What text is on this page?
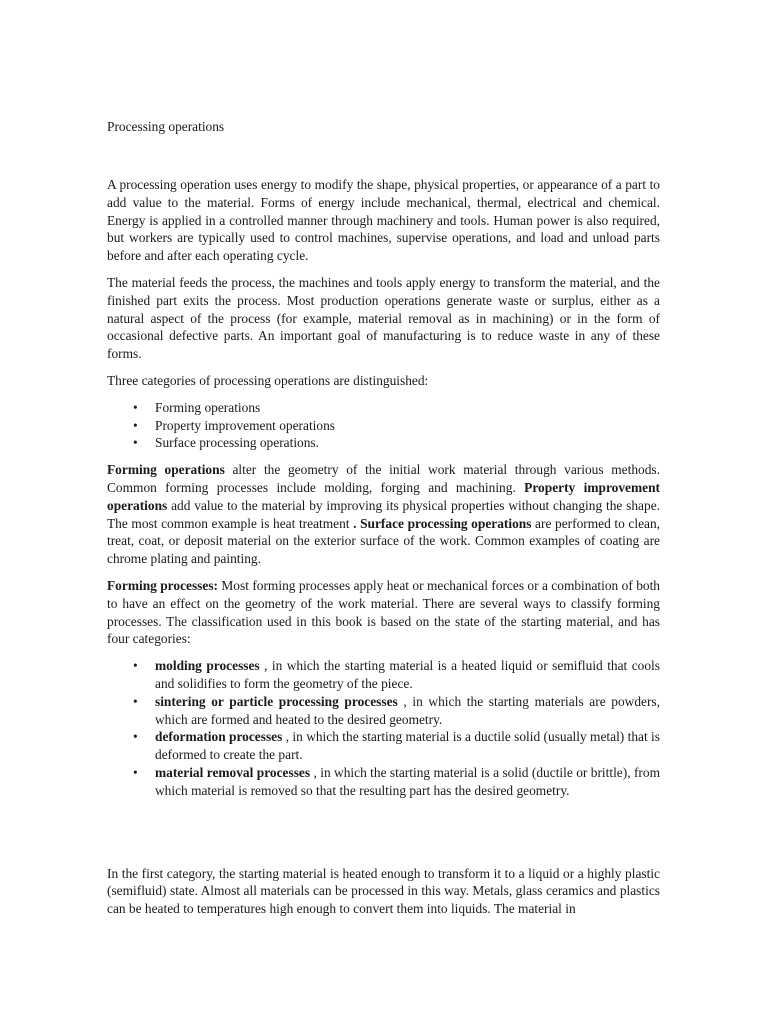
Processing operations

A processing operation uses energy to modify the shape, physical properties, or appearance of a part to add value to the material. Forms of energy include mechanical, thermal, electrical and chemical. Energy is applied in a controlled manner through machinery and tools. Human power is also required, but workers are typically used to control machines, supervise operations, and load and unload parts before and after each operating cycle.

The material feeds the process, the machines and tools apply energy to transform the material, and the finished part exits the process. Most production operations generate waste or surplus, either as a natural aspect of the process (for example, material removal as in machining) or in the form of occasional defective parts. An important goal of manufacturing is to reduce waste in any of these forms.

Three categories of processing operations are distinguished:

• Forming operations
• Property improvement operations
• Surface processing operations.

Forming operations alter the geometry of the initial work material through various methods. Common forming processes include molding, forging and machining. Property improvement operations add value to the material by improving its physical properties without changing the shape. The most common example is heat treatment . Surface processing operations are performed to clean, treat, coat, or deposit material on the exterior surface of the work. Common examples of coating are chrome plating and painting.

Forming processes: Most forming processes apply heat or mechanical forces or a combination of both to have an effect on the geometry of the work material. There are several ways to classify forming processes. The classification used in this book is based on the state of the starting material, and has four categories:

• molding processes , in which the starting material is a heated liquid or semifluid that cools and solidifies to form the geometry of the piece.
• sintering or particle processing processes , in which the starting materials are powders, which are formed and heated to the desired geometry.
• deformation processes , in which the starting material is a ductile solid (usually metal) that is deformed to create the part.
• material removal processes , in which the starting material is a solid (ductile or brittle), from which material is removed so that the resulting part has the desired geometry.

In the first category, the starting material is heated enough to transform it to a liquid or a highly plastic (semifluid) state. Almost all materials can be processed in this way. Metals, glass ceramics and plastics can be heated to temperatures high enough to convert them into liquids. The material in
